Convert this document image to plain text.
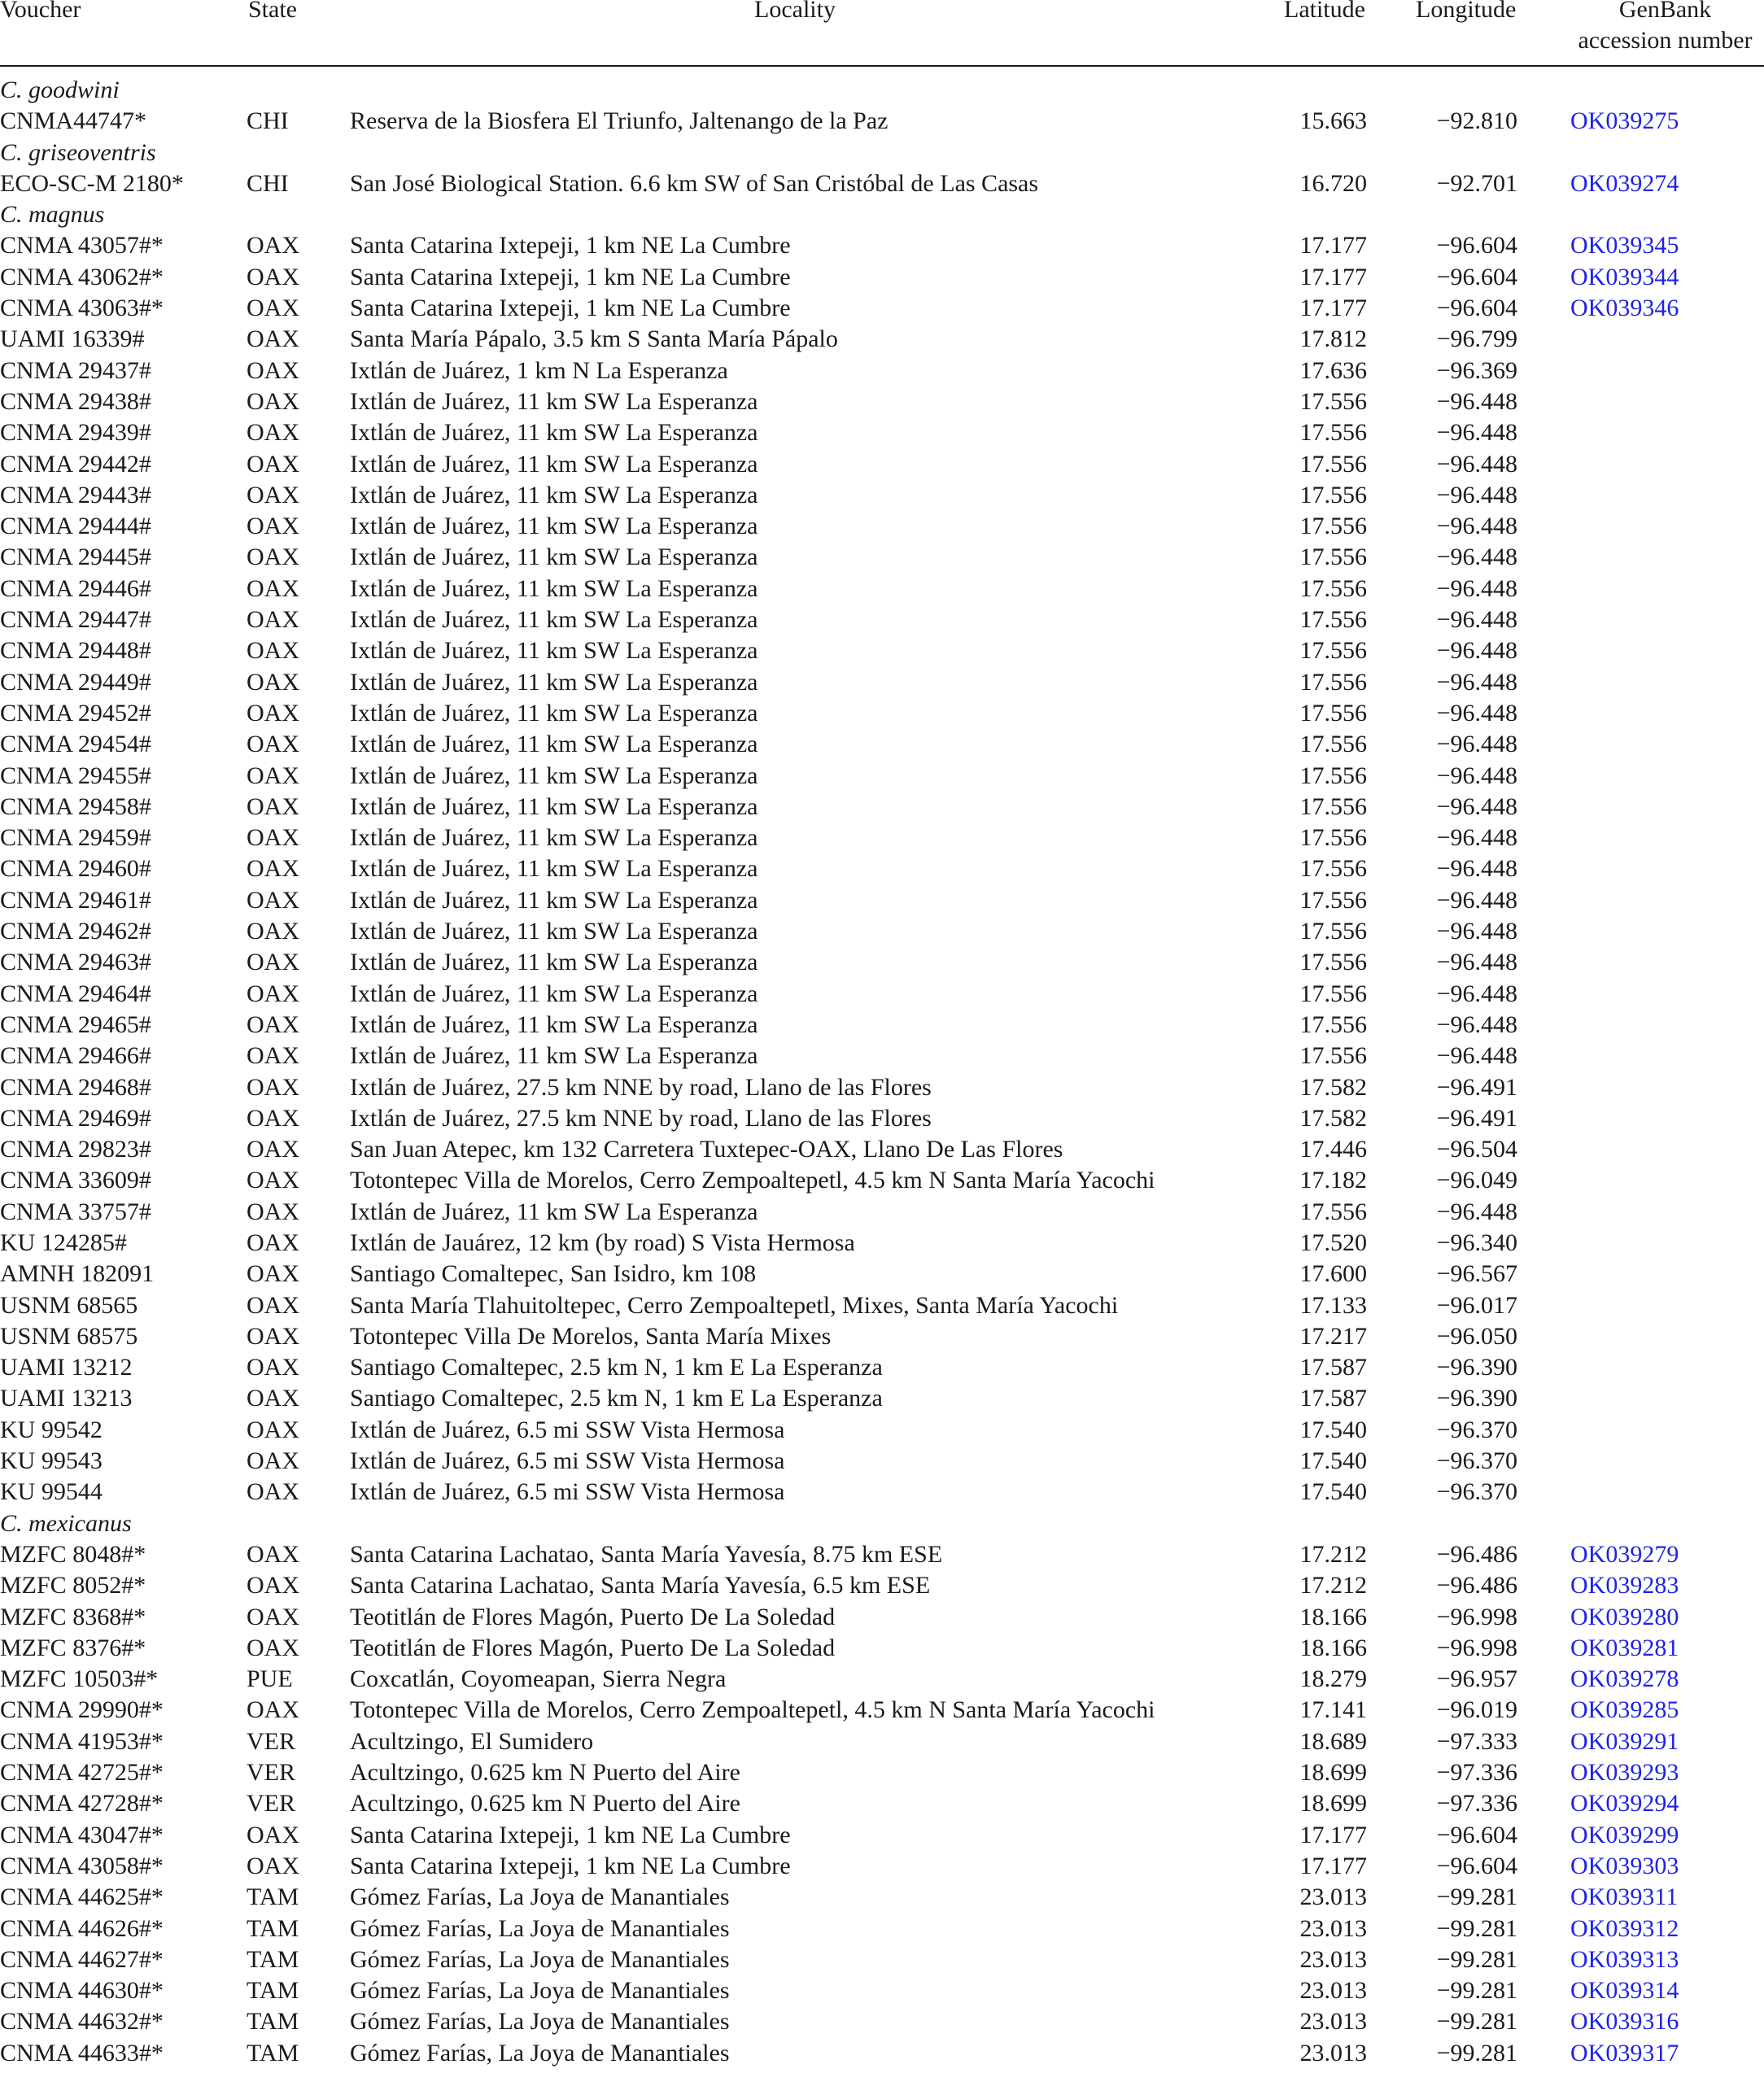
Voucher	State	Locality	Latitude Longitude	GenBank
accession number
C. goodwini
CNMA44747*	CHI	Reserva de la Biosfera El Triunfo, Jaltenango de la Paz	15.663	−92.810 OK039275
C. griseoventris
ECO-SC-M 2180*	CHI	San José Biological Station. 6.6 km SW of San Cristóbal de Las Casas	16.720	−92.701 OK039274
C. magnus
CNMA 43057#*	OAX Santa Catarina Ixtepeji, 1 km NE La Cumbre	17.177	−96.604 OK039345
CNMA 43062#*	OAX Santa Catarina Ixtepeji, 1 km NE La Cumbre	17.177	−96.604 OK039344
CNMA 43063#*	OAX Santa Catarina Ixtepeji, 1 km NE La Cumbre	17.177	−96.604 OK039346
UAMI 16339#	OAX Santa María Pápalo, 3.5 km S Santa María Pápalo	17.812	−96.799
CNMA 29437#	OAX Ixtlán de Juárez, 1 km N La Esperanza	17.636	−96.369
CNMA 29438#	OAX Ixtlán de Juárez, 11 km SW La Esperanza	17.556	−96.448
CNMA 29439#	OAX Ixtlán de Juárez, 11 km SW La Esperanza	17.556	−96.448
CNMA 29442#	OAX Ixtlán de Juárez, 11 km SW La Esperanza	17.556	−96.448
CNMA 29443#	OAX Ixtlán de Juárez, 11 km SW La Esperanza	17.556	−96.448
CNMA 29444#	OAX Ixtlán de Juárez, 11 km SW La Esperanza	17.556	−96.448
CNMA 29445#	OAX Ixtlán de Juárez, 11 km SW La Esperanza	17.556	−96.448
CNMA 29446#	OAX Ixtlán de Juárez, 11 km SW La Esperanza	17.556	−96.448
CNMA 29447#	OAX Ixtlán de Juárez, 11 km SW La Esperanza	17.556	−96.448
CNMA 29448#	OAX Ixtlán de Juárez, 11 km SW La Esperanza	17.556	−96.448
CNMA 29449#	OAX Ixtlán de Juárez, 11 km SW La Esperanza	17.556	−96.448
CNMA 29452#	OAX Ixtlán de Juárez, 11 km SW La Esperanza	17.556	−96.448
CNMA 29454#	OAX Ixtlán de Juárez, 11 km SW La Esperanza	17.556	−96.448
CNMA 29455#	OAX Ixtlán de Juárez, 11 km SW La Esperanza	17.556	−96.448
CNMA 29458#	OAX Ixtlán de Juárez, 11 km SW La Esperanza	17.556	−96.448
CNMA 29459#	OAX Ixtlán de Juárez, 11 km SW La Esperanza	17.556	−96.448
CNMA 29460#	OAX Ixtlán de Juárez, 11 km SW La Esperanza	17.556	−96.448
CNMA 29461#	OAX Ixtlán de Juárez, 11 km SW La Esperanza	17.556	−96.448
CNMA 29462#	OAX Ixtlán de Juárez, 11 km SW La Esperanza	17.556	−96.448
CNMA 29463#	OAX Ixtlán de Juárez, 11 km SW La Esperanza	17.556	−96.448
CNMA 29464#	OAX Ixtlán de Juárez, 11 km SW La Esperanza	17.556	−96.448
CNMA 29465#	OAX Ixtlán de Juárez, 11 km SW La Esperanza	17.556	−96.448
CNMA 29466#	OAX Ixtlán de Juárez, 11 km SW La Esperanza	17.556	−96.448
CNMA 29468#	OAX Ixtlán de Juárez, 27.5 km NNE by road, Llano de las Flores	17.582	−96.491
CNMA 29469#	OAX Ixtlán de Juárez, 27.5 km NNE by road, Llano de las Flores	17.582	−96.491
CNMA 29823#	OAX San Juan Atepec, km 132 Carretera Tuxtepec-OAX, Llano De Las Flores	17.446	−96.504
CNMA 33609#	OAX Totontepec Villa de Morelos, Cerro Zempoaltepetl, 4.5 km N Santa María Yacochi	17.182	−96.049
CNMA 33757#	OAX Ixtlán de Juárez, 11 km SW La Esperanza	17.556	−96.448
KU 124285#	OAX Ixtlán de Jauárez, 12 km (by road) S Vista Hermosa	17.520	−96.340
AMNH 182091	OAX Santiago Comaltepec, San Isidro, km 108	17.600	−96.567
USNM 68565	OAX Santa María Tlahuitoltepec, Cerro Zempoaltepetl, Mixes, Santa María Yacochi	17.133	−96.017
USNM 68575	OAX Totontepec Villa De Morelos, Santa María Mixes	17.217	−96.050
UAMI 13212	OAX Santiago Comaltepec, 2.5 km N, 1 km E La Esperanza	17.587	−96.390
UAMI 13213	OAX Santiago Comaltepec, 2.5 km N, 1 km E La Esperanza	17.587	−96.390
KU 99542	OAX Ixtlán de Juárez, 6.5 mi SSW Vista Hermosa	17.540	−96.370
KU 99543	OAX Ixtlán de Juárez, 6.5 mi SSW Vista Hermosa	17.540	−96.370
KU 99544	OAX Ixtlán de Juárez, 6.5 mi SSW Vista Hermosa	17.540	−96.370
C. mexicanus
MZFC 8048#*	OAX Santa Catarina Lachatao, Santa María Yavesía, 8.75 km ESE	17.212	−96.486 OK039279
MZFC 8052#*	OAX Santa Catarina Lachatao, Santa María Yavesía, 6.5 km ESE	17.212	−96.486 OK039283
MZFC 8368#*	OAX Teotitlán de Flores Magón, Puerto De La Soledad	18.166	−96.998 OK039280
MZFC 8376#*	OAX Teotitlán de Flores Magón, Puerto De La Soledad	18.166	−96.998 OK039281
MZFC 10503#*	PUE Coxcatlán, Coyomeapan, Sierra Negra	18.279	−96.957 OK039278
CNMA 29990#*	OAX Totontepec Villa de Morelos, Cerro Zempoaltepetl, 4.5 km N Santa María Yacochi	17.141	−96.019 OK039285
CNMA 41953#*	VER Acultzingo, El Sumidero	18.689	−97.333 OK039291
CNMA 42725#*	VER Acultzingo, 0.625 km N Puerto del Aire	18.699	−97.336 OK039293
CNMA 42728#*	VER Acultzingo, 0.625 km N Puerto del Aire	18.699	−97.336 OK039294
CNMA 43047#*	OAX Santa Catarina Ixtepeji, 1 km NE La Cumbre	17.177	−96.604 OK039299
CNMA 43058#*	OAX Santa Catarina Ixtepeji, 1 km NE La Cumbre	17.177	−96.604 OK039303
CNMA 44625#*	TAM Gómez Farías, La Joya de Manantiales	23.013	−99.281 OK039311
CNMA 44626#*	TAM Gómez Farías, La Joya de Manantiales	23.013	−99.281 OK039312
CNMA 44627#*	TAM Gómez Farías, La Joya de Manantiales	23.013	−99.281 OK039313
CNMA 44630#*	TAM Gómez Farías, La Joya de Manantiales	23.013	−99.281 OK039314
CNMA 44632#*	TAM Gómez Farías, La Joya de Manantiales	23.013	−99.281 OK039316
CNMA 44633#*	TAM Gómez Farías, La Joya de Manantiales	23.013	−99.281 OK039317
